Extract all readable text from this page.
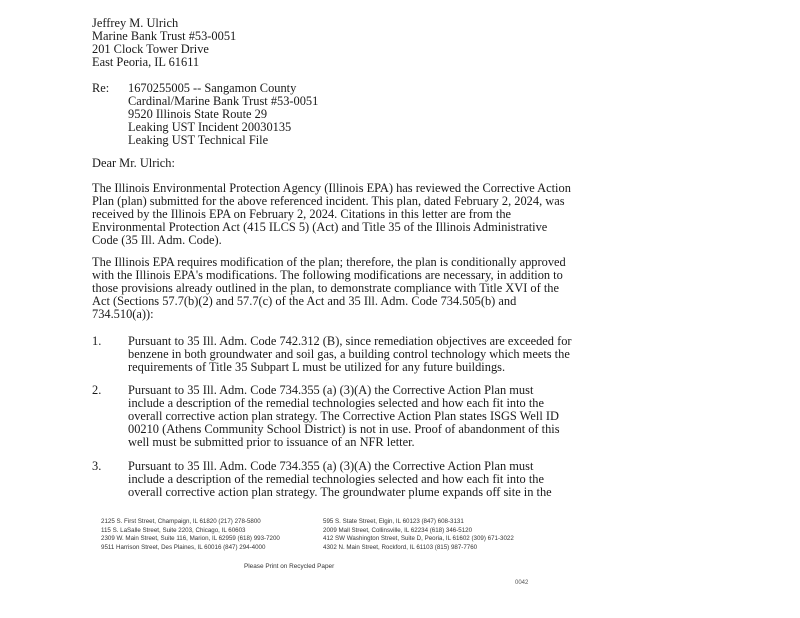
Jeffrey M. Ulrich
Marine Bank Trust #53-0051
201 Clock Tower Drive
East Peoria, IL 61611
Re: 1670255005 -- Sangamon County
Cardinal/Marine Bank Trust #53-0051
9520 Illinois State Route 29
Leaking UST Incident 20030135
Leaking UST Technical File
Dear Mr. Ulrich:
The Illinois Environmental Protection Agency (Illinois EPA) has reviewed the Corrective Action
Plan (plan) submitted for the above referenced incident. This plan, dated February 2, 2024, was
received by the Illinois EPA on February 2, 2024. Citations in this letter are from the
Environmental Protection Act (415 ILCS 5) (Act) and Title 35 of the Illinois Administrative
Code (35 Ill. Adm. Code).
The Illinois EPA requires modification of the plan; therefore, the plan is conditionally approved
with the Illinois EPA's modifications. The following modifications are necessary, in addition to
those provisions already outlined in the plan, to demonstrate compliance with Title XVI of the
Act (Sections 57.7(b)(2) and 57.7(c) of the Act and 35 Ill. Adm. Code 734.505(b) and
734.510(a)):
1. Pursuant to 35 Ill. Adm. Code 742.312 (B), since remediation objectives are exceeded for
benzene in both groundwater and soil gas, a building control technology which meets the
requirements of Title 35 Subpart L must be utilized for any future buildings.
2. Pursuant to 35 Ill. Adm. Code 734.355 (a) (3)(A) the Corrective Action Plan must
include a description of the remedial technologies selected and how each fit into the
overall corrective action plan strategy. The Corrective Action Plan states ISGS Well ID
00210 (Athens Community School District) is not in use. Proof of abandonment of this
well must be submitted prior to issuance of an NFR letter.
3. Pursuant to 35 Ill. Adm. Code 734.355 (a) (3)(A) the Corrective Action Plan must
include a description of the remedial technologies selected and how each fit into the
overall corrective action plan strategy. The groundwater plume expands off site in the
2125 S. First Street, Champaign, IL 61820 (217) 278-5800
115 S. LaSalle Street, Suite 2203, Chicago, IL 60603
2309 W. Main Street, Suite 116, Marion, IL 62959 (618) 993-7200
9511 Harrison Street, Des Plaines, IL 60016 (847) 294-4000
595 S. State Street, Elgin, IL 60123 (847) 608-3131
2009 Mall Street, Collinsville, IL 62234 (618) 346-5120
412 SW Washington Street, Suite D, Peoria, IL 61602 (309) 671-3022
4302 N. Main Street, Rockford, IL 61103 (815) 987-7760
Please Print on Recycled Paper
0042
